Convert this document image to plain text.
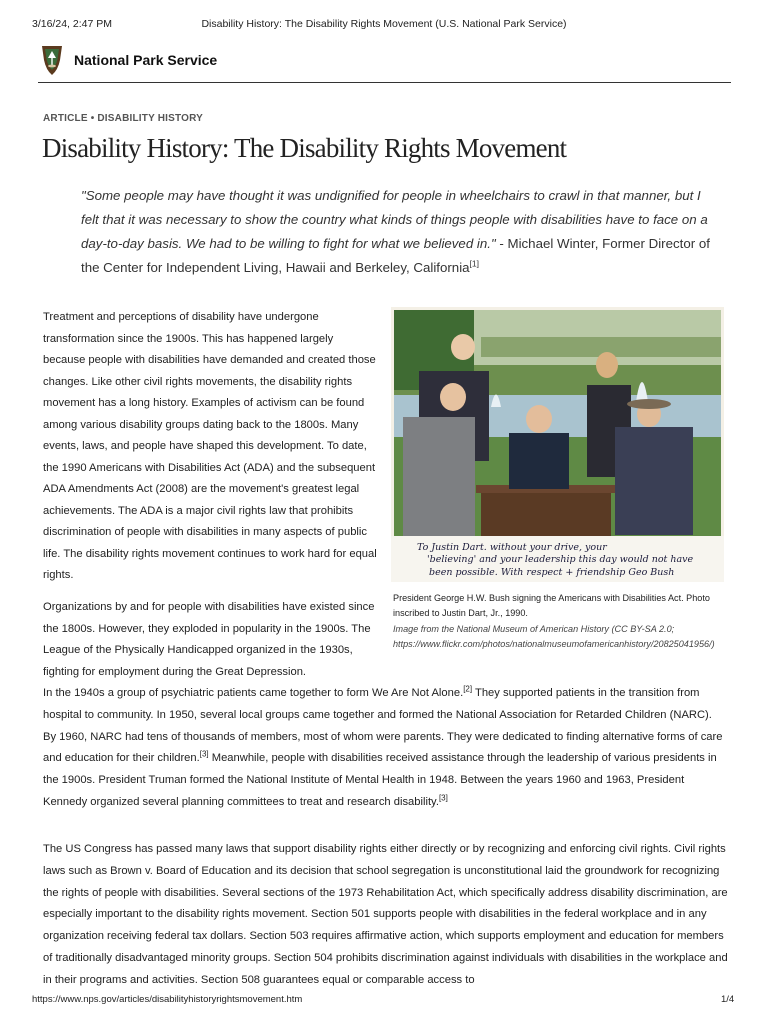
3/16/24, 2:47 PM	Disability History: The Disability Rights Movement (U.S. National Park Service)
National Park Service
ARTICLE • DISABILITY HISTORY
Disability History: The Disability Rights Movement
"Some people may have thought it was undignified for people in wheelchairs to crawl in that manner, but I felt that it was necessary to show the country what kinds of things people with disabilities have to face on a day-to-day basis. We had to be willing to fight for what we believed in." - Michael Winter, Former Director of the Center for Independent Living, Hawaii and Berkeley, California[1]

Treatment and perceptions of disability have undergone transformation since the 1900s. This has happened largely because people with disabilities have demanded and created those changes. Like other civil rights movements, the disability rights movement has a long history. Examples of activism can be found among various disability groups dating back to the 1800s. Many events, laws, and people have shaped this development. To date, the 1990 Americans with Disabilities Act (ADA) and the subsequent ADA Amendments Act (2008) are the movement's greatest legal achievements. The ADA is a major civil rights law that prohibits discrimination of people with disabilities in many aspects of public life. The disability rights movement continues to work hard for equal rights.

Organizations by and for people with disabilities have existed since the 1800s. However, they exploded in popularity in the 1900s. The League of the Physically Handicapped organized in the 1930s, fighting for employment during the Great Depression.

In the 1940s a group of psychiatric patients came together to form We Are Not Alone.[2] They supported patients in the transition from hospital to community. In 1950, several local groups came together and formed the National Association for Retarded Children (NARC). By 1960, NARC had tens of thousands of members, most of whom were parents. They were dedicated to finding alternative forms of care and education for their children.[3] Meanwhile, people with disabilities received assistance through the leadership of various presidents in the 1900s. President Truman formed the National Institute of Mental Health in 1948. Between the years 1960 and 1963, President Kennedy organized several planning committees to treat and research disability.[3]

The US Congress has passed many laws that support disability rights either directly or by recognizing and enforcing civil rights. Civil rights laws such as Brown v. Board of Education and its decision that school segregation is unconstitutional laid the groundwork for recognizing the rights of people with disabilities. Several sections of the 1973 Rehabilitation Act, which specifically address disability discrimination, are especially important to the disability rights movement. Section 501 supports people with disabilities in the federal workplace and in any organization receiving federal tax dollars. Section 503 requires affirmative action, which supports employment and education for members of traditionally disadvantaged minority groups. Section 504 prohibits discrimination against individuals with disabilities in the workplace and in their programs and activities. Section 508 guarantees equal or comparable access to

To Justin Dart. without your drive, your
'believing' and your leadership this day would not have
been possible. With respect + friendship Geo Bush
President George H.W. Bush signing the Americans with Disabilities Act. Photo inscribed to Justin Dart, Jr., 1990.
Image from the National Museum of American History (CC BY-SA 2.0; https://www.flickr.com/photos/nationalmuseumofamericanhistory/20825041956/)
https://www.nps.gov/articles/disabilityhistoryrightsmovement.htm	1/4
